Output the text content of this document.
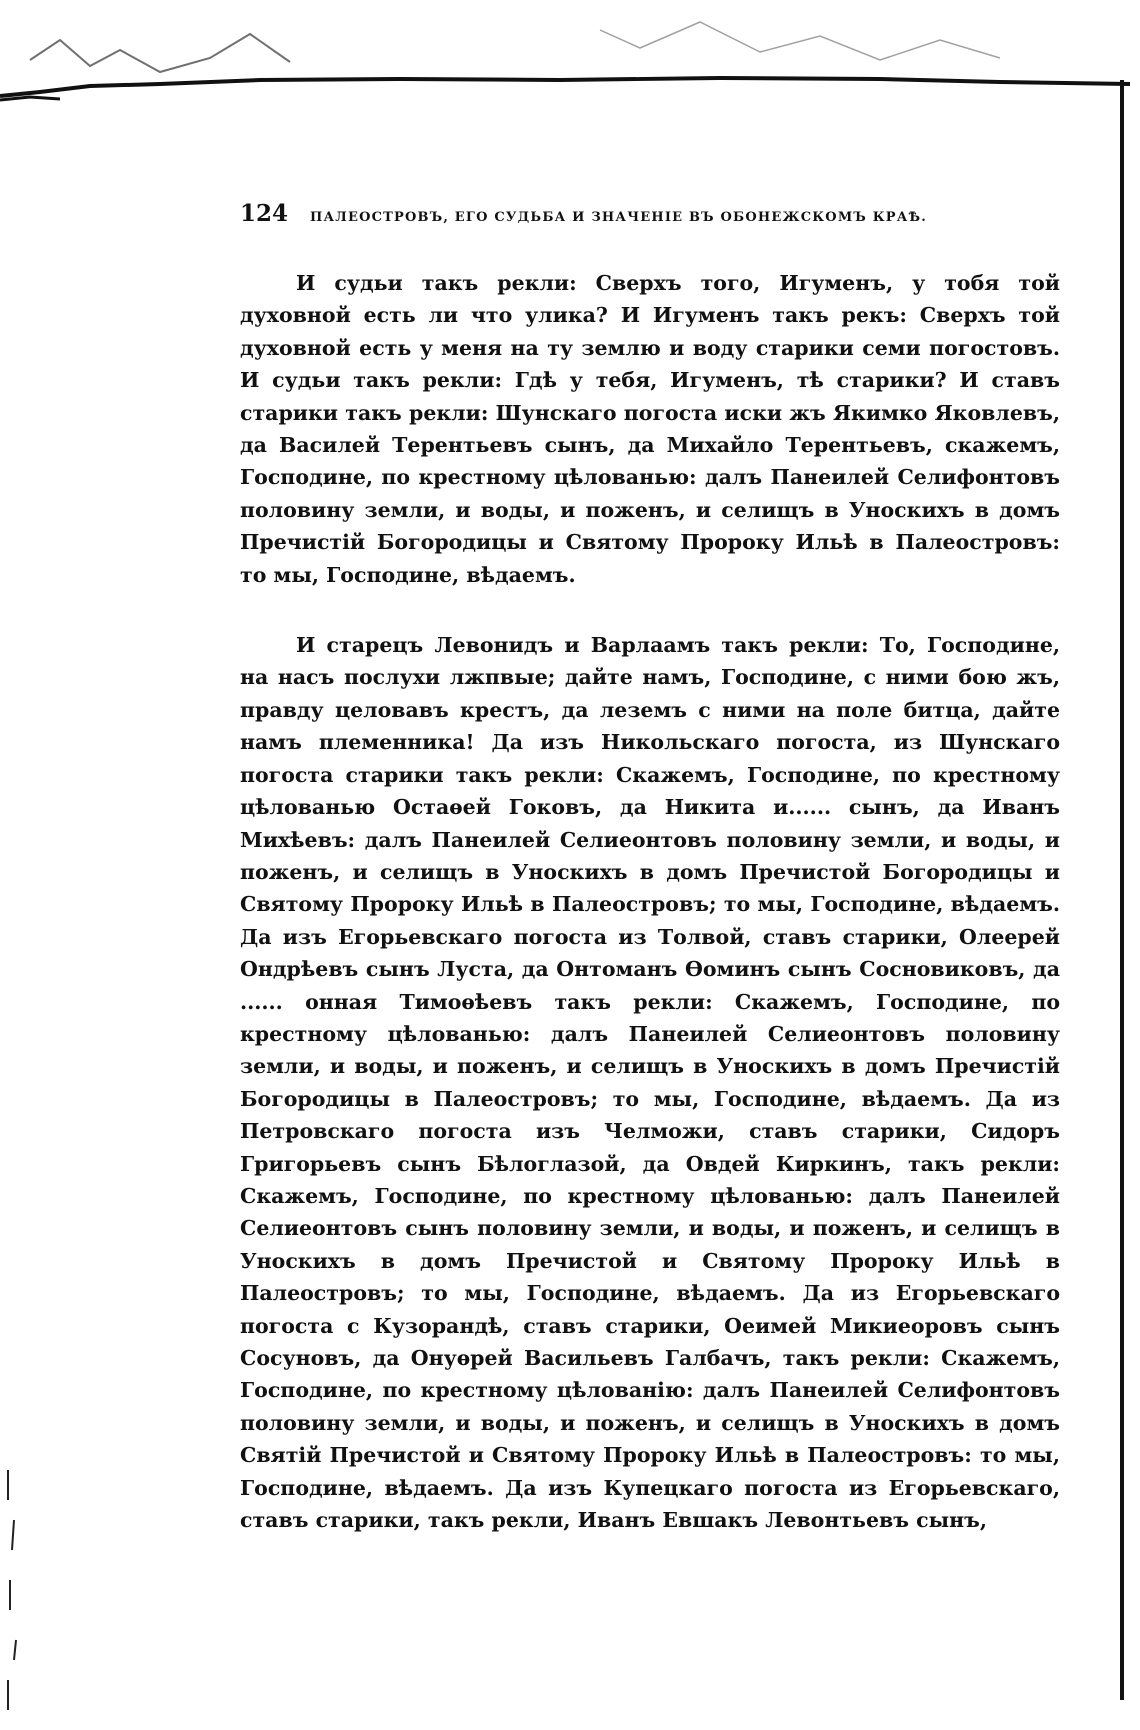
124 ПАЛЕОСТРОВЪ, ЕГО СУДЬБА И ЗНАЧЕНІЕ ВЪ ОБОНЕЖСКОМЪ КРАѢ.

И судьи такъ рекли: Сверхъ того, Игуменъ, у тобя той духовной есть ли что улика? И Игуменъ такъ рекъ: Сверхъ той духовной есть у меня на ту землю и воду старики семи погостовъ. И судьи такъ рекли: Гдѣ у тебя, Игуменъ, тѣ старики? И ставъ старики такъ рекли: Шунскаго погоста иски жъ Якимко Яковлевъ, да Василей Терентьевъ сынъ, да Михайло Терентьевъ, скажемъ, Господине, по крестному цѣлованью: далъ Панеилей Селифонтовъ половину земли, и воды, и поженъ, и селищъ в Уноскихъ в домъ Пречистій Богородицы и Святому Пророку Ильѣ в Палеостровъ: то мы, Господине, вѣдаемъ.

И старецъ Левонидъ и Варлаамъ такъ рекли: То, Господине, на насъ послухи лжпвые; дайте намъ, Господине, с ними бою жъ, правду целовавъ крестъ, да леземъ с ними на поле битца, дайте намъ племенника! Да изъ Никольскаго погоста, из Шунскаго погоста старики такъ рекли: Скажемъ, Господине, по крестному цѣлованью Остаѳей Гоковъ, да Никита и...... сынъ, да Иванъ Михѣевъ: далъ Панеилей Селиеонтовъ половину земли, и воды, и поженъ, и селищъ в Уноскихъ в домъ Пречистой Богородицы и Святому Пророку Ильѣ в Палеостровъ; то мы, Господине, вѣдаемъ. Да изъ Егорьевскаго погоста из Толвой, ставъ старики, Олеерей Ондрѣевъ сынъ Луста, да Онтоманъ Ѳоминъ сынъ Сосновиковъ, да ...... онная Тимоѳѣевъ такъ рекли: Скажемъ, Господине, по крестному цѣлованью: далъ Панеилей Селиеонтовъ половину земли, и воды, и поженъ, и селищъ в Уноскихъ в домъ Пречистій Богородицы в Палеостровъ; то мы, Господине, вѣдаемъ. Да из Петровскаго погоста изъ Челможи, ставъ старики, Сидоръ Григорьевъ сынъ Бѣлоглазой, да Овдей Киркинъ, такъ рекли: Скажемъ, Господине, по крестному цѣлованью: далъ Панеилей Селиеонтовъ сынъ половину земли, и воды, и поженъ, и селищъ в Уноскихъ в домъ Пречистой и Святому Пророку Ильѣ в Палеостровъ; то мы, Господине, вѣдаемъ. Да из Егорьевскаго погоста с Кузорандѣ, ставъ старики, Оеимей Микиеоровъ сынъ Сосуновъ, да Онуѳрей Васильевъ Галбачъ, такъ рекли: Скажемъ, Господине, по крестному цѣлованію: далъ Панеилей Селифонтовъ половину земли, и воды, и поженъ, и селищъ в Уноскихъ в домъ Святій Пречистой и Святому Пророку Ильѣ в Палеостровъ: то мы, Господине, вѣдаемъ. Да изъ Купецкаго погоста из Егорьевскаго, ставъ старики, такъ рекли, Иванъ Евшакъ Левонтьевъ сынъ,
